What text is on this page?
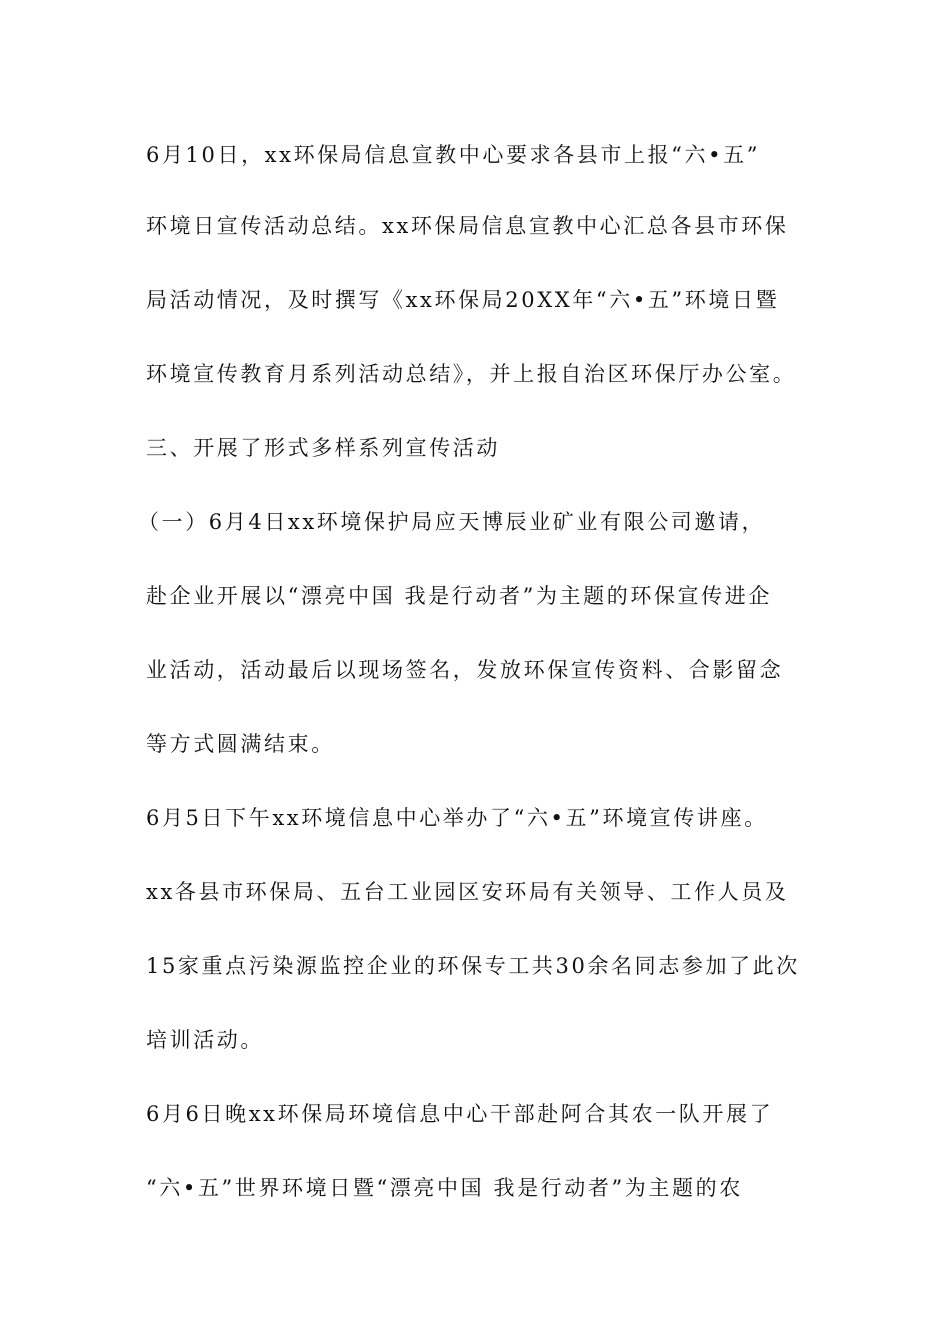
6月10日，xx环保局信息宣教中心要求各县市上报“六•五”
环境日宣传活动总结。xx环保局信息宣教中心汇总各县市环保
局活动情况，及时撰写《xx环保局20XX年“六•五”环境日暨
环境宣传教育月系列活动总结》，并上报自治区环保厅办公室。
三、开展了形式多样系列宣传活动
（一）6月4日xx环境保护局应天博辰业矿业有限公司邀请，
赴企业开展以“漂亮中国 我是行动者”为主题的环保宣传进企
业活动，活动最后以现场签名，发放环保宣传资料、合影留念
等方式圆满结束。
6月5日下午xx环境信息中心举办了“六•五”环境宣传讲座。
xx各县市环保局、五台工业园区安环局有关领导、工作人员及
15家重点污染源监控企业的环保专工共30余名同志参加了此次
培训活动。
6月6日晚xx环保局环境信息中心干部赴阿合其农一队开展了
“六•五”世界环境日暨“漂亮中国 我是行动者”为主题的农
